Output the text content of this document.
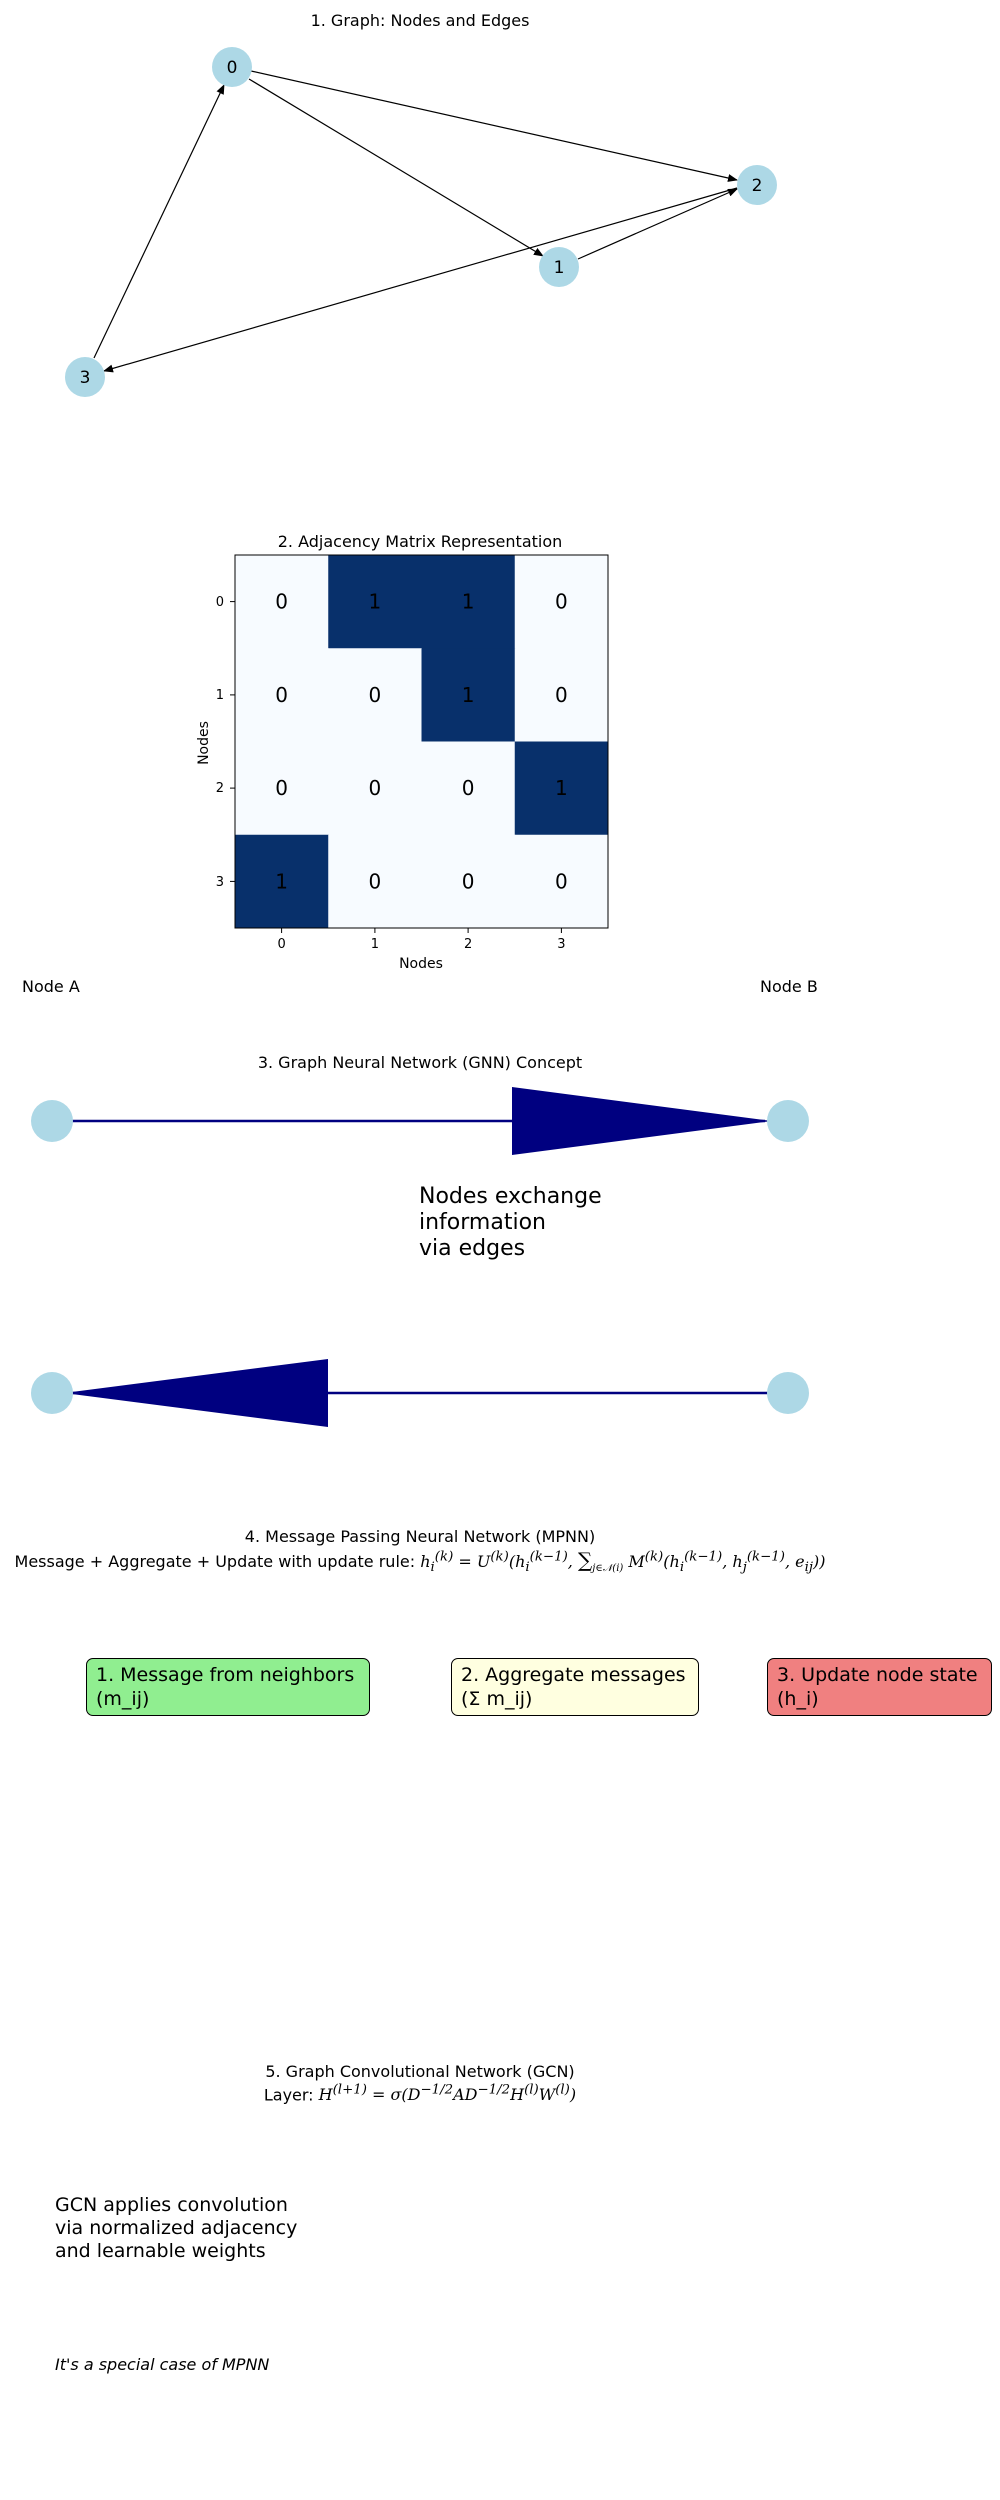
1. Graph: Nodes and Edges
0
1
2
3
2. Adjacency Matrix Representation
0	1	1	0
0	0	1	0
0	0	0	1
1	0	0	0
0	1	2	3
0
1
2
3
Nodes
Nodes
Node A	Node B
3. Graph Neural Network (GNN) Concept
Nodes exchange
information
via edges
4. Message Passing Neural Network (MPNN)
Message + Aggregate + Update with update rule: $h_i^{(k)} = U^{(k)}(h_i^{(k-1)}$, $\sum_{j\in 𝒩(i)}$ $M^{(k)}(h_i^{(k-1)}$, $h_j^{(k-1)}$, $e_{ij}$))
1. Message from neighbors
(m_ij)
2. Aggregate messages
(Σ m_ij)
3. Update node state
(h_i)
5. Graph Convolutional Network (GCN)
Layer: $H^{(l+1)} = \sigma(D^{-1/2}AD^{-1/2}H^{(l)}W^{(l)})$
GCN applies convolution
via normalized adjacency
and learnable weights
It's a special case of MPNN
